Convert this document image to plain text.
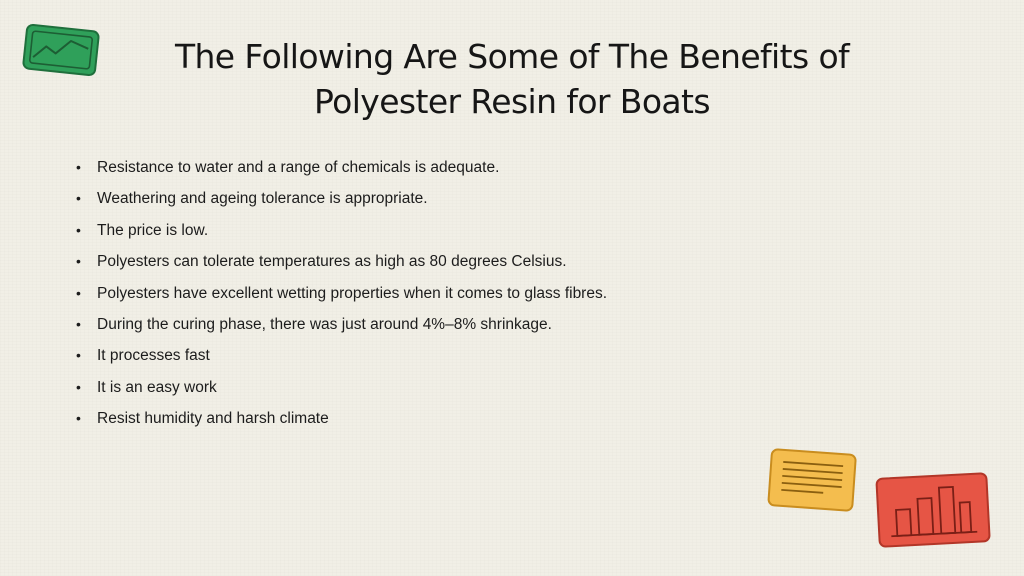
The Following Are Some of The Benefits of
Polyester Resin for Boats
• Resistance to water and a range of chemicals is adequate.
• Weathering and ageing tolerance is appropriate.
• The price is low.
• Polyesters can tolerate temperatures as high as 80 degrees Celsius.
• Polyesters have excellent wetting properties when it comes to glass fibres.
• During the curing phase, there was just around 4%–8% shrinkage.
• It processes fast
• It is an easy work
• Resist humidity and harsh climate
